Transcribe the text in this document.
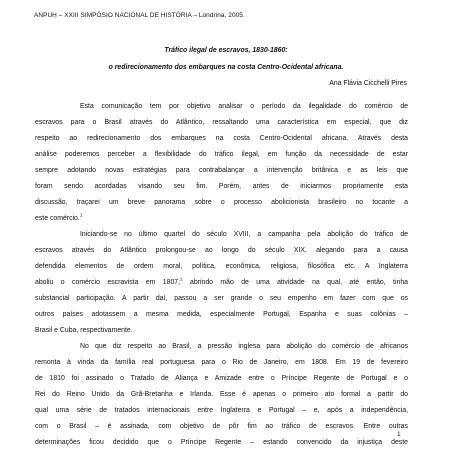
ANPUH – XXIII SIMPÓSIO NACIONAL DE HISTÓRIA – Londrina, 2005.
Tráfico ilegal de escravos, 1830-1860:
o redirecionamento dos embarques na costa Centro-Ocidental africana.
Ana Flávia Cicchelli Pires
Esta comunicação tem por objetivo analisar o período da ilegalidade do comércio de
escravos para o Brasil através do Atlântico, ressaltando uma característica em especial, que diz
respeito ao redirecionamento dos embarques na costa Centro-Ocidental africana. Através desta
análise poderemos perceber a flexibilidade do tráfico ilegal, em função da necessidade de estar
sempre adotando novas estratégias para contrabalançar a intervenção britânica e as leis que
foram sendo acordadas visando seu fim. Porém, antes de iniciarmos propriamente esta
discussão, traçarei um breve panorama sobre o processo abolicionista brasileiro no tocante a
este comércio.$^1$
Iniciando-se no último quartel do século XVIII, a campanha pela abolição do tráfico de
escravos através do Atlântico prolongou-se ao longo do século XIX, alegando para a causa
defendida elementos de ordem moral, política, econômica, religiosa, filosófica etc. A Inglaterra
aboliu o comércio escravista em 1807,$^2$ abrindo mão de uma atividade na qual, até então, tinha
substancial participação. A partir daí, passou a ser grande o seu empenho em fazer com que os
outros países adotassem a mesma medida, especialmente Portugal, Espanha e suas colônias –
Brasil e Cuba, respectivamente.
No que diz respeito ao Brasil, a pressão inglesa para abolição do comércio de africanos
remonta à vinda da família real portuguesa para o Rio de Janeiro, em 1808. Em 19 de fevereiro
de 1810 foi assinado o Tratado de Aliança e Amizade entre o Príncipe Regente de Portugal e o
Rei do Reino Unido da Grã-Bretanha e Irlanda. Esse é apenas o primeiro ato formal a partir do
qual uma série de tratados internacionais entre Inglaterra e Portugal – e, após a independência,
com o Brasil – é assinada, com objetivo de pôr fim ao tráfico de escravos. Entre outras
determinações ficou decidido que o Príncipe Regente – estando convencido da injustiça deste
1
